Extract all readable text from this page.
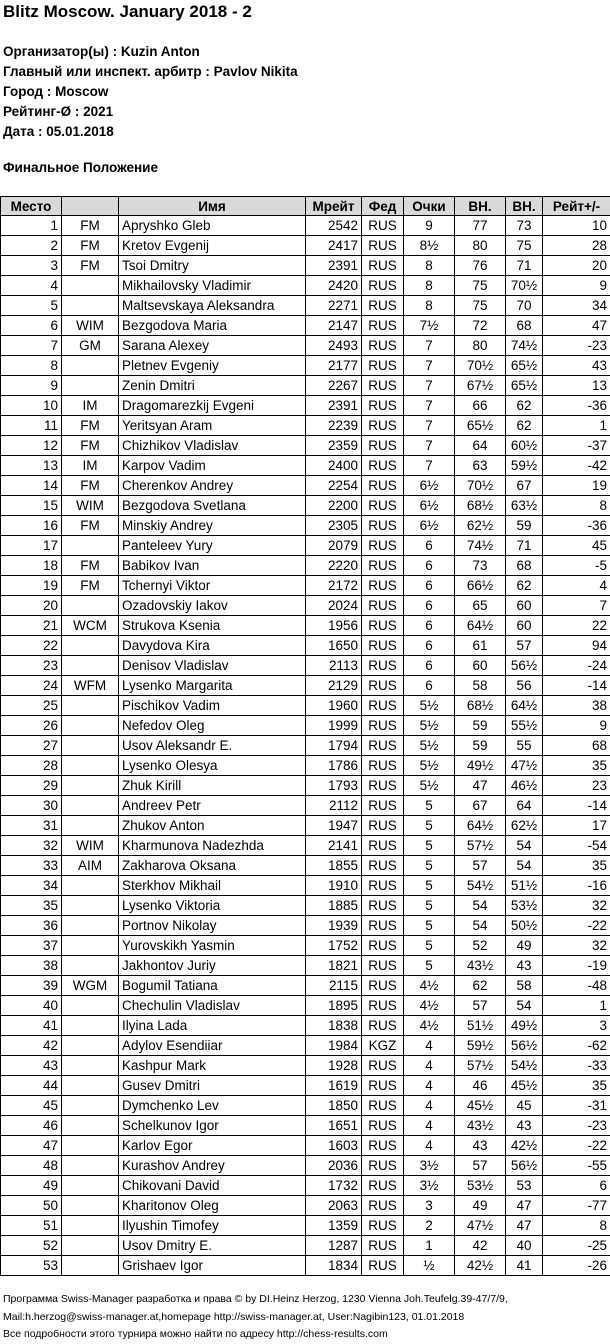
Blitz Moscow. January 2018 - 2
Организатор(ы) : Kuzin Anton
Главный или инспект. арбитр : Pavlov Nikita
Город : Moscow
Рейтинг-Ø : 2021
Дата : 05.01.2018
Финальное Положение
Место		Имя	Мрейт	Фед	Очки	ВН.	ВН.	Рейт+/-
1	FM	Apryshko Gleb	2542	RUS	9	77	73	10
2	FM	Kretov Evgenij	2417	RUS	8½	80	75	28
3	FM	Tsoi Dmitry	2391	RUS	8	76	71	20
4		Mikhailovsky Vladimir	2420	RUS	8	75	70½	9
5		Maltsevskaya Aleksandra	2271	RUS	8	75	70	34
6	WIM	Bezgodova Maria	2147	RUS	7½	72	68	47
7	GM	Sarana Alexey	2493	RUS	7	80	74½	-23
8		Pletnev Evgeniy	2177	RUS	7	70½	65½	43
9		Zenin Dmitri	2267	RUS	7	67½	65½	13
10	IM	Dragomarezkij Evgeni	2391	RUS	7	66	62	-36
11	FM	Yeritsyan Aram	2239	RUS	7	65½	62	1
12	FM	Chizhikov Vladislav	2359	RUS	7	64	60½	-37
13	IM	Karpov Vadim	2400	RUS	7	63	59½	-42
14	FM	Cherenkov Andrey	2254	RUS	6½	70½	67	19
15	WIM	Bezgodova Svetlana	2200	RUS	6½	68½	63½	8
16	FM	Minskiy Andrey	2305	RUS	6½	62½	59	-36
17		Panteleev Yury	2079	RUS	6	74½	71	45
18	FM	Babikov Ivan	2220	RUS	6	73	68	-5
19	FM	Tchernyi Viktor	2172	RUS	6	66½	62	4
20		Ozadovskiy Iakov	2024	RUS	6	65	60	7
21	WCM	Strukova Ksenia	1956	RUS	6	64½	60	22
22		Davydova Kira	1650	RUS	6	61	57	94
23		Denisov Vladislav	2113	RUS	6	60	56½	-24
24	WFM	Lysenko Margarita	2129	RUS	6	58	56	-14
25		Pischikov Vadim	1960	RUS	5½	68½	64½	38
26		Nefedov Oleg	1999	RUS	5½	59	55½	9
27		Usov Aleksandr E.	1794	RUS	5½	59	55	68
28		Lysenko Olesya	1786	RUS	5½	49½	47½	35
29		Zhuk Kirill	1793	RUS	5½	47	46½	23
30		Andreev Petr	2112	RUS	5	67	64	-14
31		Zhukov Anton	1947	RUS	5	64½	62½	17
32	WIM	Kharmunova Nadezhda	2141	RUS	5	57½	54	-54
33	AIM	Zakharova Oksana	1855	RUS	5	57	54	35
34		Sterkhov Mikhail	1910	RUS	5	54½	51½	-16
35		Lysenko Viktoria	1885	RUS	5	54	53½	32
36		Portnov Nikolay	1939	RUS	5	54	50½	-22
37		Yurovskikh Yasmin	1752	RUS	5	52	49	32
38		Jakhontov Juriy	1821	RUS	5	43½	43	-19
39	WGM	Bogumil Tatiana	2115	RUS	4½	62	58	-48
40		Chechulin Vladislav	1895	RUS	4½	57	54	1
41		Ilyina Lada	1838	RUS	4½	51½	49½	3
42		Adylov Esendiiar	1984	KGZ	4	59½	56½	-62
43		Kashpur Mark	1928	RUS	4	57½	54½	-33
44		Gusev Dmitri	1619	RUS	4	46	45½	35
45		Dymchenko Lev	1850	RUS	4	45½	45	-31
46		Schelkunov Igor	1651	RUS	4	43½	43	-23
47		Karlov Egor	1603	RUS	4	43	42½	-22
48		Kurashov Andrey	2036	RUS	3½	57	56½	-55
49		Chikovani David	1732	RUS	3½	53½	53	6
50		Kharitonov Oleg	2063	RUS	3	49	47	-77
51		Ilyushin Timofey	1359	RUS	2	47½	47	8
52		Usov Dmitry E.	1287	RUS	1	42	40	-25
53		Grishaev Igor	1834	RUS	½	42½	41	-26
Программа Swiss-Manager разработка и права © by DI.Heinz Herzog, 1230 Vienna Joh.Teufelg.39-47/7/9,
Mail:h.herzog@swiss-manager.at,homepage http://swiss-manager.at, User:Nagibin123, 01.01.2018
Все подробности этого турнира можно найти по адресу http://chess-results.com
